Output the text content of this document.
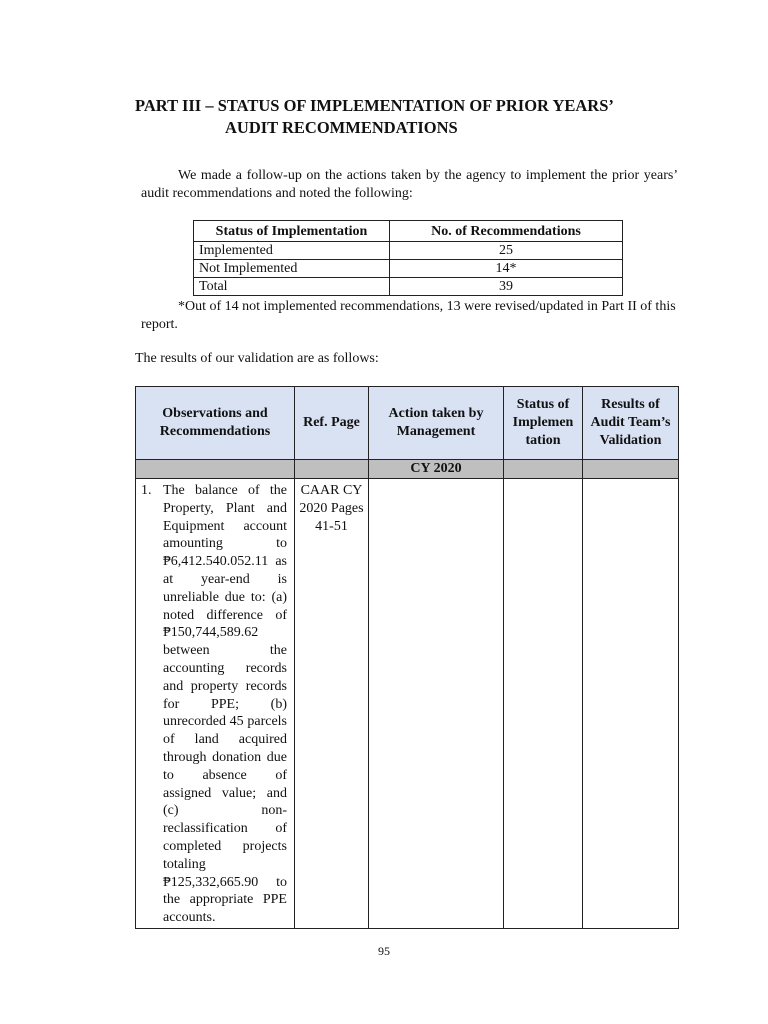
PART III – STATUS OF IMPLEMENTATION OF PRIOR YEARS’
AUDIT RECOMMENDATIONS

We made a follow-up on the actions taken by the agency to implement the prior years’ audit recommendations and noted the following:

Status of Implementation	No. of Recommendations
Implemented	25
Not Implemented	14*
Total	39

*Out of 14 not implemented recommendations, 13 were revised/updated in Part II of this report.

The results of our validation are as follows:

Observations and Recommendations	Ref. Page	Action taken by Management	Status of Implemen tation	Results of Audit Team’s Validation
		CY 2020		

1. The balance of the Property, Plant and Equipment account amounting to ₱6,412.540.052.11 as at year-end is unreliable due to: (a) noted difference of ₱150,744,589.62 between the accounting records and property records for PPE; (b) unrecorded 45 parcels of land acquired through donation due to absence of assigned value; and (c) non-reclassification of completed projects totaling ₱125,332,665.90 to the appropriate PPE accounts.	CAAR CY 2020 Pages 41-51			

95
